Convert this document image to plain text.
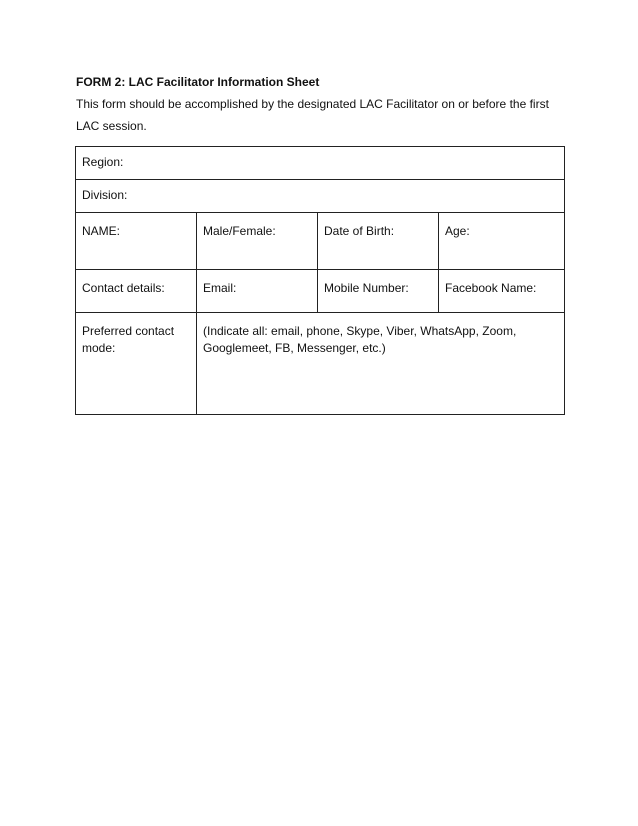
FORM 2: LAC Facilitator Information Sheet

This form should be accomplished by the designated LAC Facilitator on or before the first LAC session.

Region:			
Division:			
NAME:	Male/Female:	Date of Birth:	Age:
Contact details:	Email:	Mobile Number:	Facebook Name:
Preferred contact mode:	(Indicate all: email, phone, Skype, Viber, WhatsApp, Zoom, Googlemeet, FB, Messenger, etc.)		
